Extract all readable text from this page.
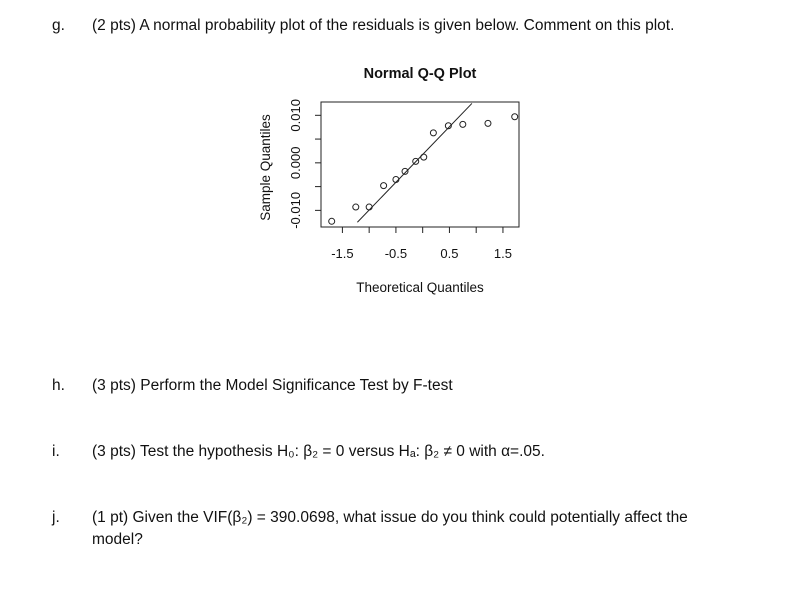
g. (2 pts) A normal probability plot of the residuals is given below. Comment on this plot.
Normal Q-Q Plot
-1.5 -0.5	0.5	1.5
-0.010
0.000
0.010
Theoretical Quantiles
Sample Quantiles
h. (3 pts) Perform the Model Significance Test by F-test
i. (3 pts) Test the hypothesis H₀: β₂ = 0 versus Hₐ: β₂ ≠ 0 with α=.05.
j. (1 pt) Given the VIF(β₂) = 390.0698, what issue do you think could potentially affect the model?
